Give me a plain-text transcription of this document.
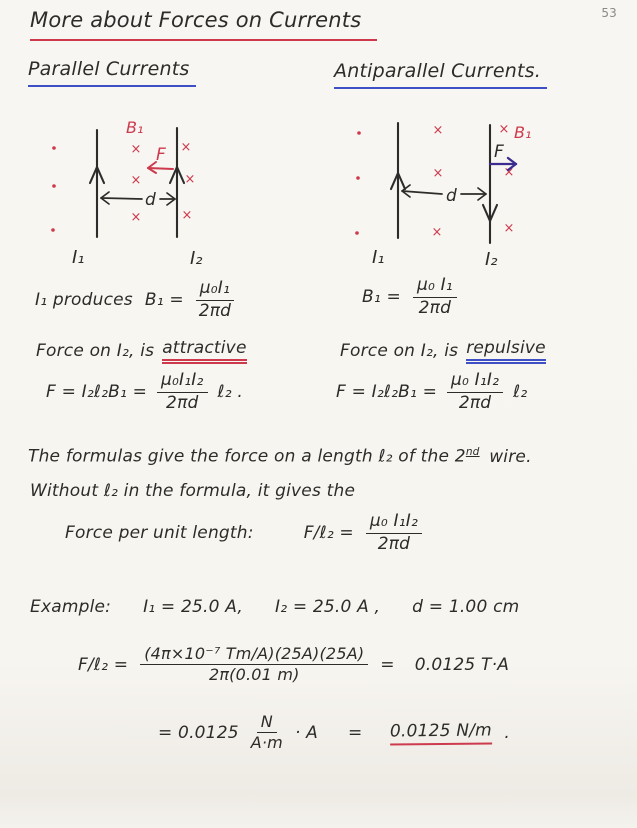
53
More about Forces on Currents
Parallel Currents	Antiparallel Currents.
B₁
×
×
×
×
×
×
F
d
I₁	I₂
×	×
×	×
×	×
B₁
F
d
I₁	I₂
I₁ produces $B_1 = \frac{\text{μ₀I₁}}{2\pi d}$
Force on I₂, is attractive
F = I₂ℓ₂B₁ = $\frac{\text{μ₀I₁I₂}}{2\pi d}$ ℓ₂ .
$B_1 = \frac{\text{μ₀ I₁}}{2\pi d}$
Force on I₂, is repulsive
F = I₂ℓ₂B₁ = $\frac{\text{μ₀ I₁I₂}}{2\pi d}$ ℓ₂
The formulas give the force on a length ℓ₂ of the 2nd wire.
Without ℓ₂ in the formula, it gives the
Force per unit length:	F/ℓ₂ = $\frac{\text{μ₀ I₁I₂}}{2\pi d}$
Example: I₁ = 25.0 A, I₂ = 25.0 A , d = 1.00 cm
F/ℓ₂ = $\frac{\text{(4π×10⁻⁷ Tm/A)(25A)(25A)}}{2\pi(0.01 m)} = 0.0125$ T·A
= $0.0125 \frac{N}{A\cdot m} \cdot A = 0.0125$ N/m .
